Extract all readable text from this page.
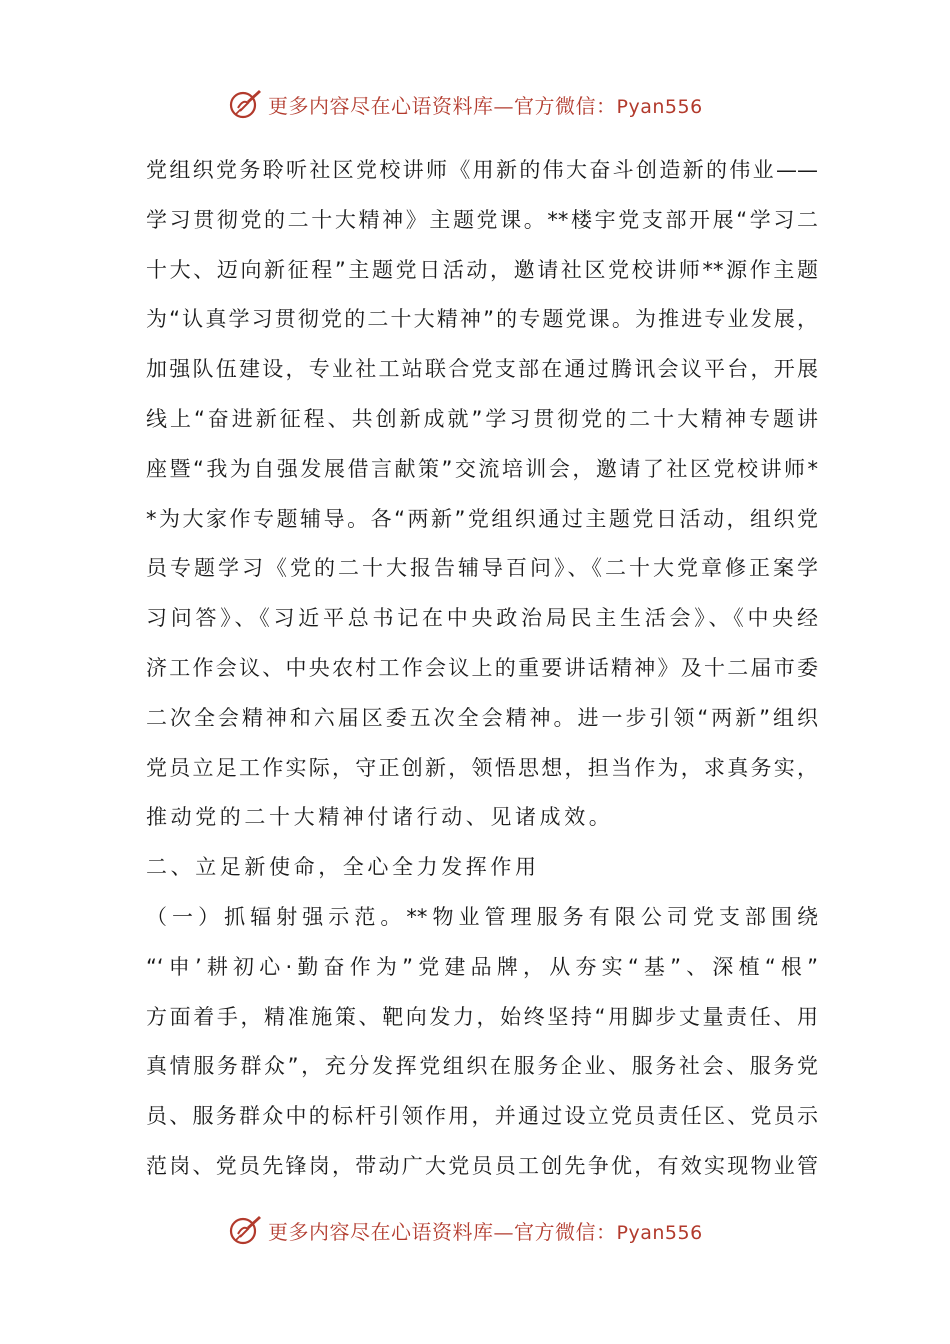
更多内容尽在心语资料库—官方微信：Pyan556
党组织党务聆听社区党校讲师《用新的伟大奋斗创造新的伟业——
学习贯彻党的二十大精神》主题党课。**楼宇党支部开展“学习二
十大、迈向新征程”主题党日活动，邀请社区党校讲师**源作主题
为“认真学习贯彻党的二十大精神”的专题党课。为推进专业发展，
加强队伍建设，专业社工站联合党支部在通过腾讯会议平台，开展
线上“奋进新征程、共创新成就”学习贯彻党的二十大精神专题讲
座暨“我为自强发展借言献策”交流培训会，邀请了社区党校讲师*
*为大家作专题辅导。各“两新”党组织通过主题党日活动，组织党
员专题学习《党的二十大报告辅导百问》、《二十大党章修正案学
习问答》、《习近平总书记在中央政治局民主生活会》、《中央经
济工作会议、中央农村工作会议上的重要讲话精神》及十二届市委
二次全会精神和六届区委五次全会精神。进一步引领“两新”组织
党员立足工作实际，守正创新，领悟思想，担当作为，求真务实，
推动党的二十大精神付诸行动、见诸成效。
二、立足新使命，全心全力发挥作用
（一）抓辐射强示范。**物业管理服务有限公司党支部围绕
“‘申’耕初心·勤奋作为”党建品牌，从夯实“基”、深植“根”
方面着手，精准施策、靶向发力，始终坚持“用脚步丈量责任、用
真情服务群众”，充分发挥党组织在服务企业、服务社会、服务党
员、服务群众中的标杆引领作用，并通过设立党员责任区、党员示
范岗、党员先锋岗，带动广大党员员工创先争优，有效实现物业管
更多内容尽在心语资料库—官方微信：Pyan556
